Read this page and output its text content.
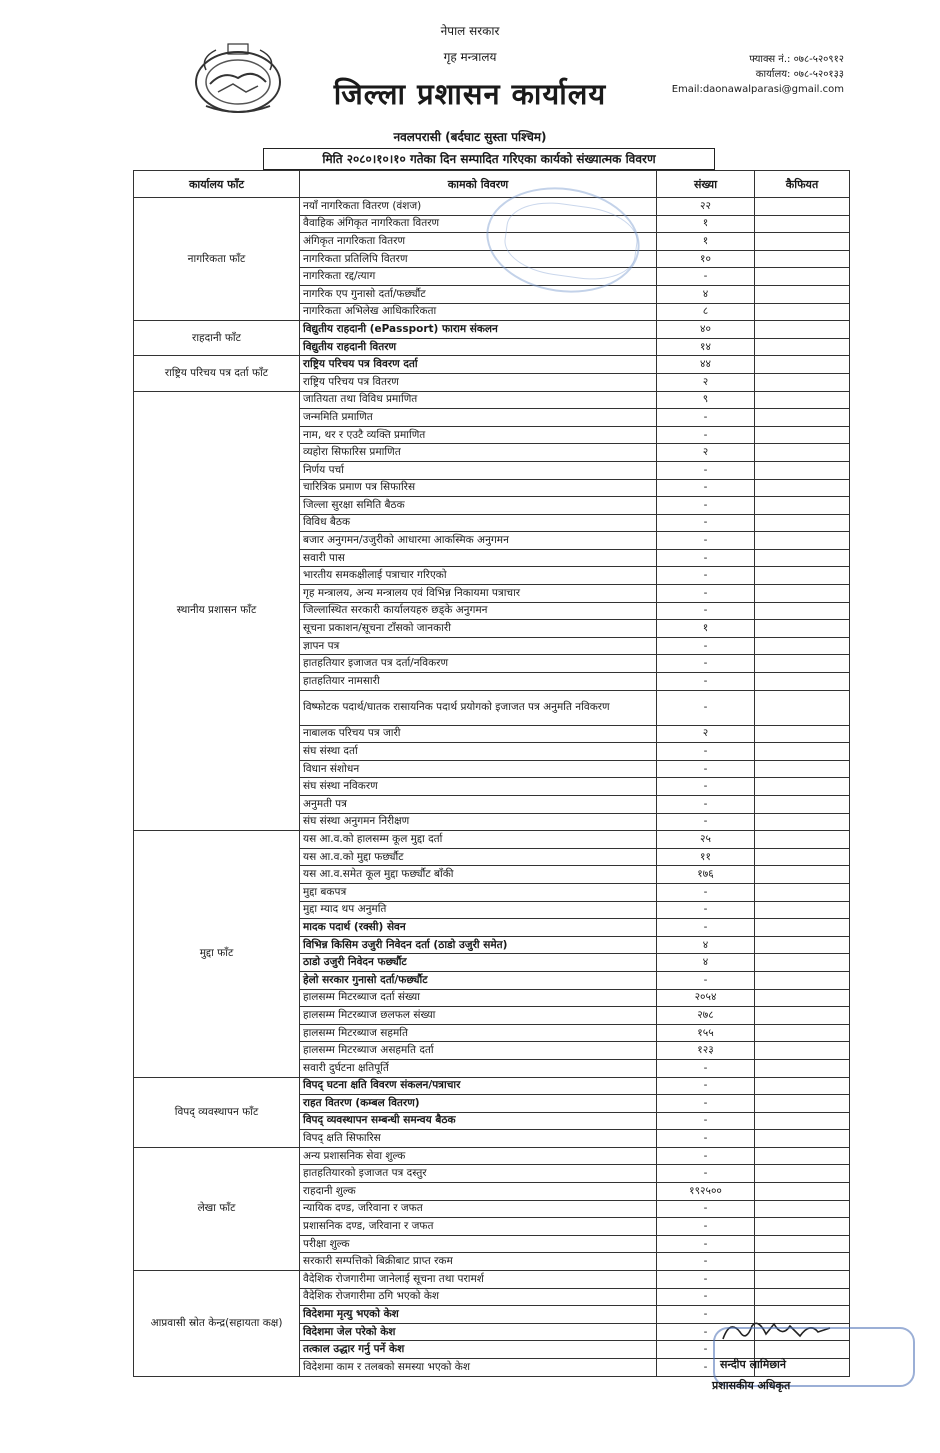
नेपाल सरकार
गृह मन्त्रालय
जिल्ला प्रशासन कार्यालय
नवलपरासी (बर्दघाट सुस्ता पश्चिम)
फ्याक्स नं.: ०७८-५२०९१२
कार्यालय: ०७८-५२०१३३
Email:daonawalparasi@gmail.com
मिति २०८०।१०।१० गतेका दिन सम्पादित गरिएका कार्यको संख्यात्मक विवरण
कार्यालय फाँट	कामको विवरण	संख्या	कैफियत
नागरिकता फाँट	नयाँ नागरिकता वितरण (वंशज)	२२	
	वैवाहिक अंगिकृत नागरिकता वितरण	१	
	अंगिकृत नागरिकता वितरण	१	
	नागरिकता प्रतिलिपि वितरण	१०	
	नागरिकता रद्द/त्याग	-	
	नागरिक एप गुनासो दर्ता/फर्छ्यौट	४	
	नागरिकता अभिलेख आधिकारिकता	८	
राहदानी फाँट	विद्युतीय राहदानी (ePassport) फाराम संकलन	४०	
	विद्युतीय राहदानी वितरण	१४	
राष्ट्रिय परिचय पत्र दर्ता फाँट	राष्ट्रिय परिचय पत्र विवरण दर्ता	४४	
	राष्ट्रिय परिचय पत्र वितरण	२	
स्थानीय प्रशासन फाँट	जातियता तथा विविध प्रमाणित	९	
	जन्ममिति प्रमाणित	-	
	नाम, थर र एउटै व्यक्ति प्रमाणित	-	
	व्यहोरा सिफारिस प्रमाणित	२	
	निर्णय पर्चा	-	
	चारित्रिक प्रमाण पत्र सिफारिस	-	
	जिल्ला सुरक्षा समिति बैठक	-	
	विविध बैठक	-	
	बजार अनुगमन/उजुरीको आधारमा आकस्मिक अनुगमन	-	
	सवारी पास	-	
	भारतीय समकक्षीलाई पत्राचार गरिएको	-	
	गृह मन्त्रालय, अन्य मन्त्रालय एवं विभिन्न निकायमा पत्राचार	-	
	जिल्लास्थित सरकारी कार्यालयहरु छड्के अनुगमन	-	
	सूचना प्रकाशन/सूचना टाँसको जानकारी	१	
	ज्ञापन पत्र	-	
	हातहतियार इजाजत पत्र दर्ता/नविकरण	-	
	हातहतियार नामसारी	-	
	विष्फोटक पदार्थ/घातक रासायनिक पदार्थ प्रयोगको इजाजत पत्र अनुमति नविकरण	-	
	नाबालक परिचय पत्र जारी	२	
	संघ संस्था दर्ता	-	
	विधान संशोधन	-	
	संघ संस्था नविकरण	-	
	अनुमती पत्र	-	
	संघ संस्था अनुगमन निरीक्षण	-	
मुद्दा फाँट	यस आ.व.को हालसम्म कूल मुद्दा दर्ता	२५	
	यस आ.व.को मुद्दा फर्छ्यौट	११	
	यस आ.व.समेत कूल मुद्दा फर्छ्यौट बाँकी	१७६	
	मुद्दा बकपत्र	-	
	मुद्दा म्याद थप अनुमति	-	
	मादक पदार्थ (रक्सी) सेवन	-	
	विभिन्न किसिम उजुरी निवेदन दर्ता (ठाडो उजुरी समेत)	४	
	ठाडो उजुरी निवेदन फर्छ्यौट	४	
	हेलो सरकार गुनासो दर्ता/फर्छ्यौट	-	
	हालसम्म मिटरब्याज दर्ता संख्या	२०५४	
	हालसम्म मिटरब्याज छलफल संख्या	२७८	
	हालसम्म मिटरब्याज सहमति	१५५	
	हालसम्म मिटरब्याज असहमति दर्ता	१२३	
	सवारी दुर्घटना क्षतिपूर्ति	-	
विपद् व्यवस्थापन फाँट	विपद् घटना क्षति विवरण संकलन/पत्राचार	-	
	राहत वितरण (कम्बल वितरण)	-	
	विपद् व्यवस्थापन सम्बन्धी समन्वय बैठक	-	
	विपद् क्षति सिफारिस	-	
लेखा फाँट	अन्य प्रशासनिक सेवा शुल्क	-	
	हातहतियारको इजाजत पत्र दस्तुर	-	
	राहदानी शुल्क	१९२५००	
	न्यायिक दण्ड, जरिवाना र जफत	-	
	प्रशासनिक दण्ड, जरिवाना र जफत	-	
	परीक्षा शुल्क	-	
	सरकारी सम्पत्तिको बिक्रीबाट प्राप्त रकम	-	
आप्रवासी स्रोत केन्द्र(सहायता कक्ष)	वैदेशिक रोजगारीमा जानेलाई सूचना तथा परामर्श	-	
	वैदेशिक रोजगारीमा ठगि भएको केश	-	
	विदेशमा मृत्यु भएको केश	-	
	विदेशमा जेल परेको केश	-	
	तत्काल उद्धार गर्नु पर्ने केश	-	
	विदेशमा काम र तलबको समस्या भएको केश	-	सन्दीप लामिछाने
प्रशासकीय अधिकृत
